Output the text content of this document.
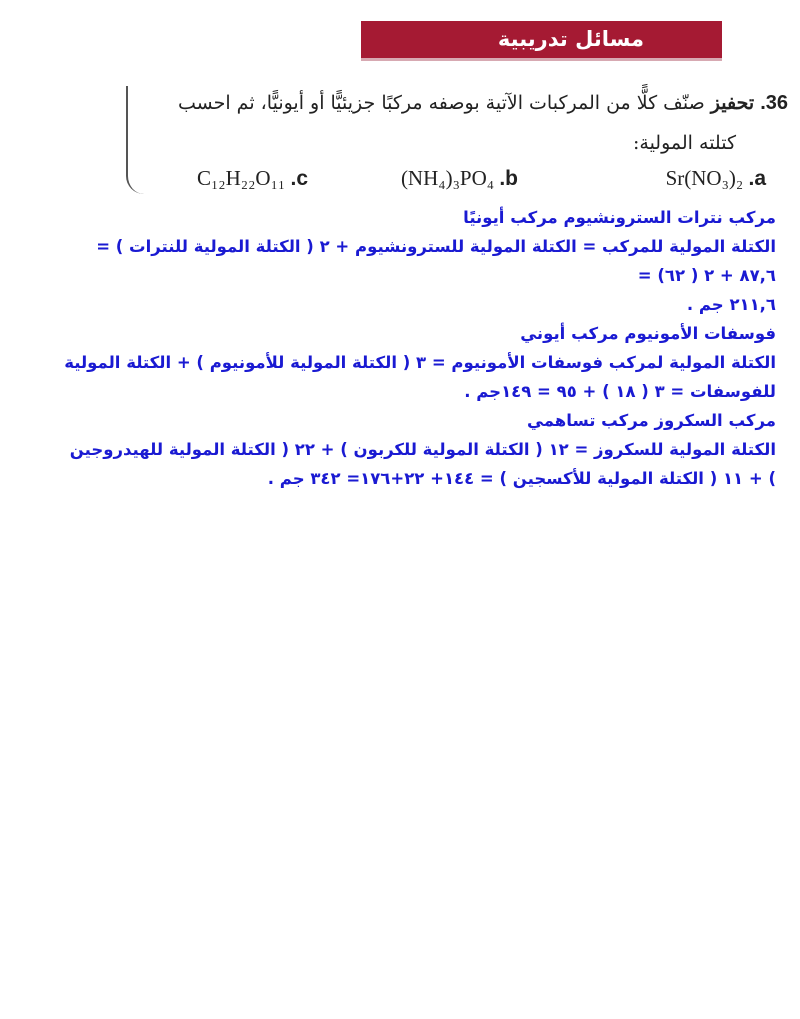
مسائل تدريبية
36. تحفيز صنّف كلًّا من المركبات الآتية بوصفه مركبًا جزيئيًّا أو أيونيًّا، ثم احسب
كتلته المولية:
Sr(NO₃)₂ .a
(NH₄)₃PO₄ .b
C₁₂H₂₂O₁₁ .c
مركب نترات السترونشيوم مركب أيونيًا
الكتلة المولية للمركب = الكتلة المولية للسترونشيوم + ٢ ( الكتلة المولية للنترات ) =
٨٧,٦ + ٢ ( ٦٢) =
٢١١,٦ جم .
فوسفات الأمونيوم مركب أيوني
الكتلة المولية لمركب فوسفات الأمونيوم = ٣ ( الكتلة المولية للأمونيوم ) + الكتلة المولية
للفوسفات = ٣ ( ١٨ ) + ٩٥ = ١٤٩جم .
مركب السكروز مركب تساهمي
الكتلة المولية للسكروز = ١٢ ( الكتلة المولية للكربون ) + ٢٢ ( الكتلة المولية للهيدروجين
) + ١١ ( الكتلة المولية للأكسجين ) = ١٤٤+ ٢٢+١٧٦= ٣٤٢ جم .
